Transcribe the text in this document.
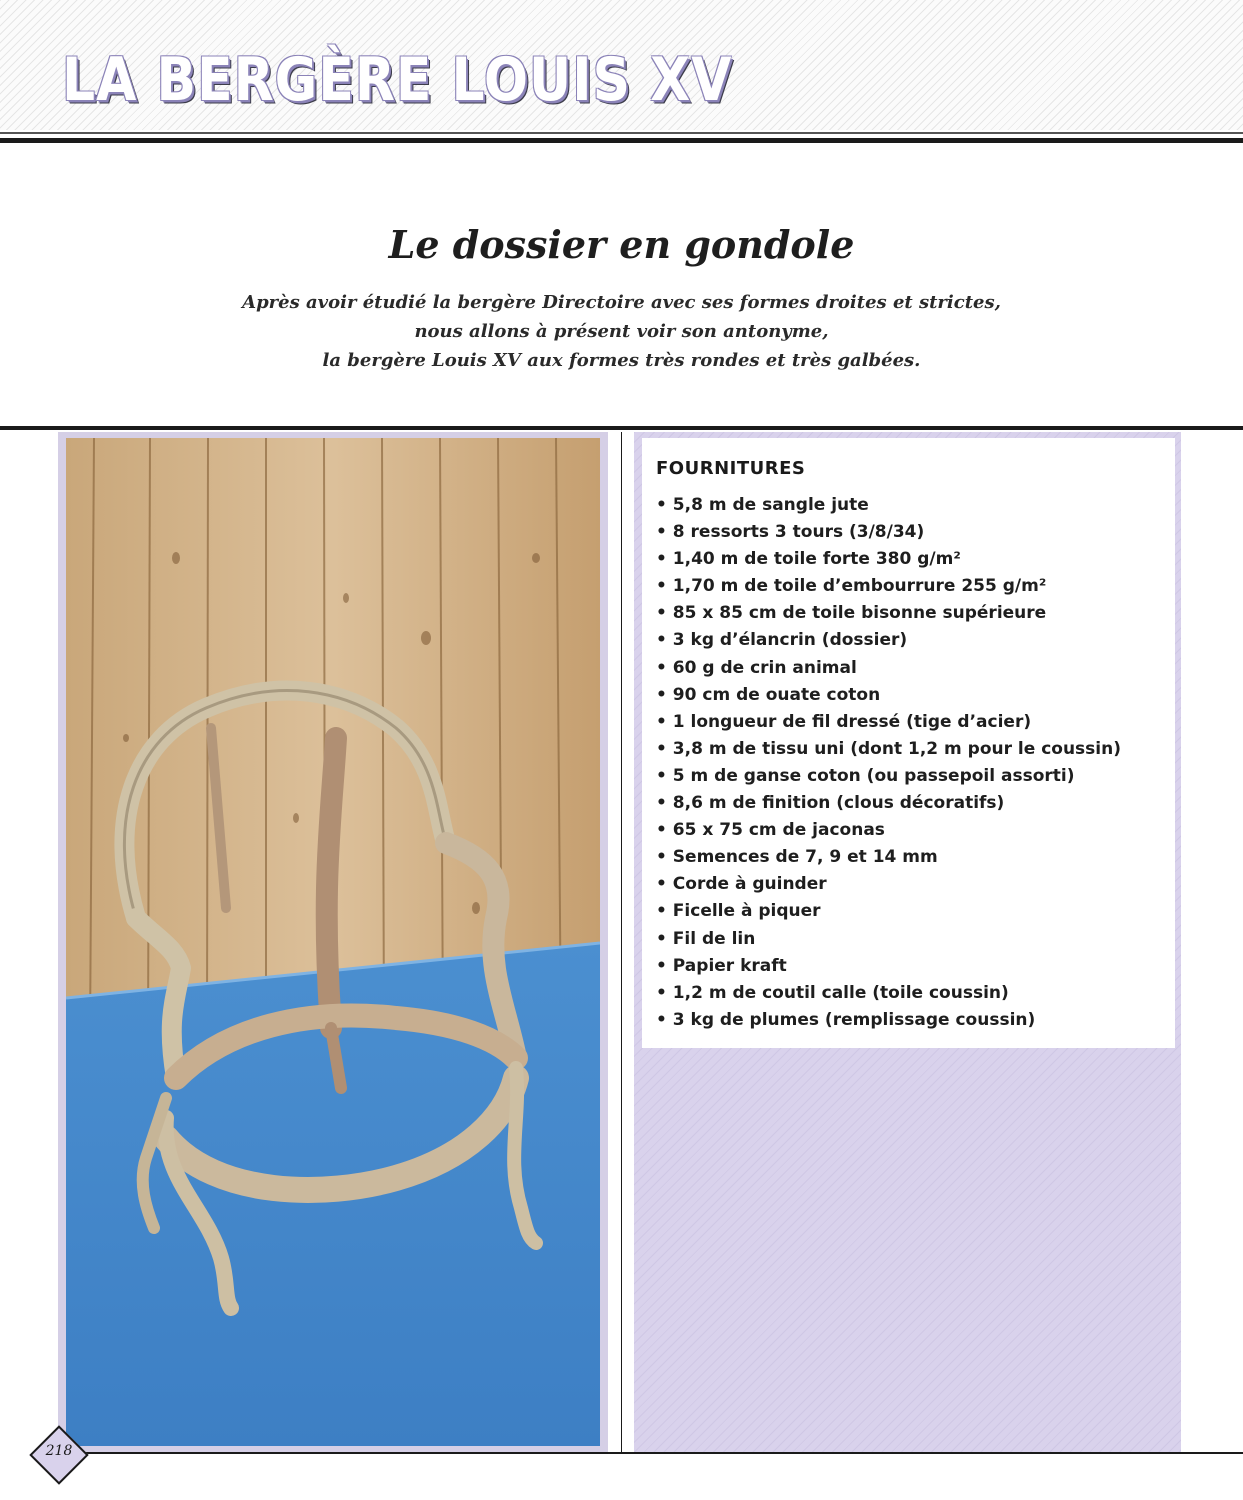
LA BERGÈRE LOUIS XV
Le dossier en gondole

Après avoir étudié la bergère Directoire avec ses formes droites et strictes,

nous allons à présent voir son antonyme,

la bergère Louis XV aux formes très rondes et très galbées.

FOURNITURES
• 5,8 m de sangle jute
• 8 ressorts 3 tours (3/8/34)
• 1,40 m de toile forte 380 g/m²
• 1,70 m de toile d’embourrure 255 g/m²
• 85 x 85 cm de toile bisonne supérieure
• 3 kg d’élancrin (dossier)
• 60 g de crin animal
• 90 cm de ouate coton
• 1 longueur de fil dressé (tige d’acier)
• 3,8 m de tissu uni (dont 1,2 m pour le coussin)
• 5 m de ganse coton (ou passepoil assorti)
• 8,6 m de finition (clous décoratifs)
• 65 x 75 cm de jaconas
• Semences de 7, 9 et 14 mm
• Corde à guinder
• Ficelle à piquer
• Fil de lin
• Papier kraft
• 1,2 m de coutil calle (toile coussin)
• 3 kg de plumes (remplissage coussin)
218
